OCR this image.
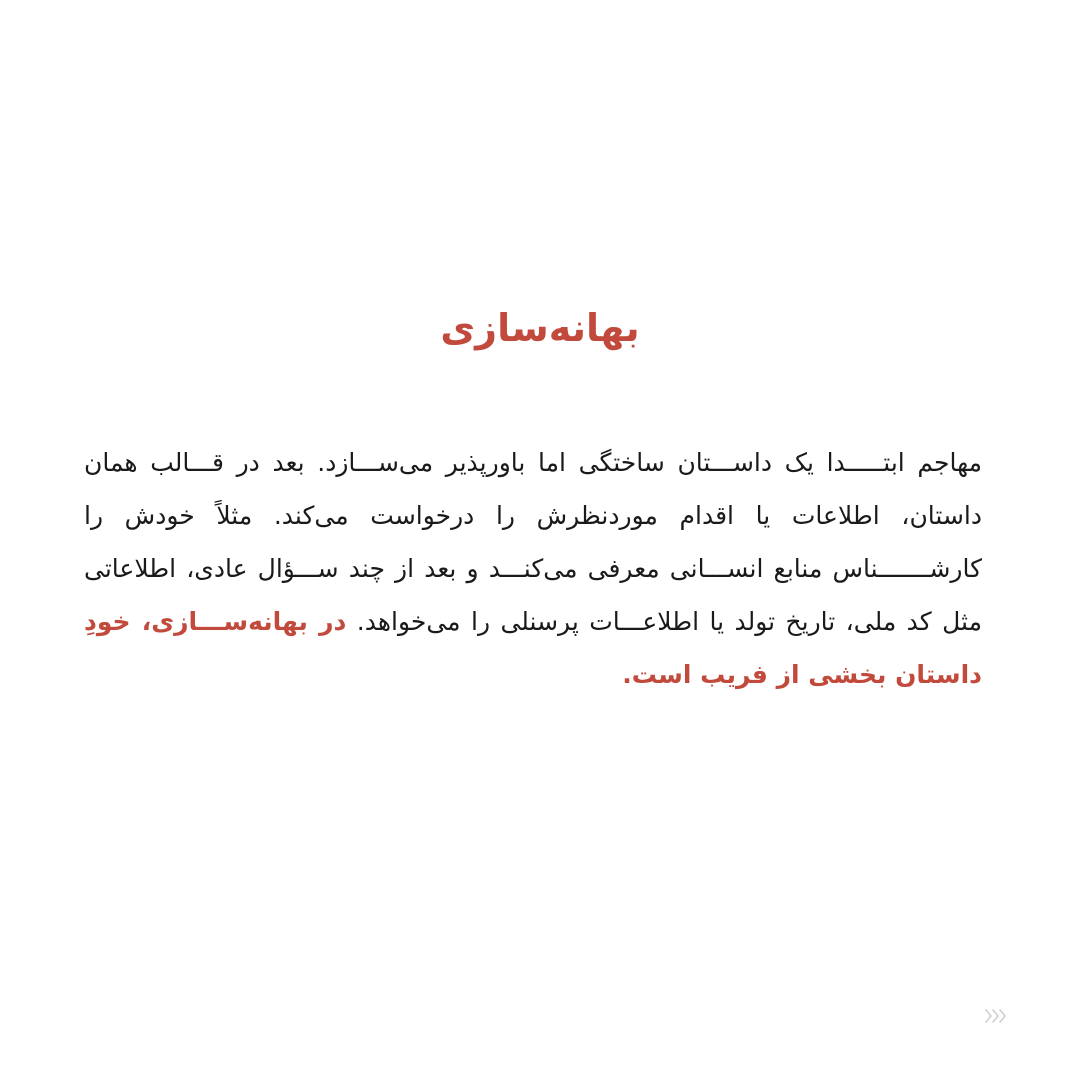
بهانه‌سازی

مهاجم ابتـــــدا یک داســـتان ساختگی اما باورپذیر می‌ســـازد. بعد در قـــالب همان داستان، اطلاعات یا اقدام موردنظرش را درخواست می‌کند. مثلاً خودش را کارشـــــــناس منابع انســـانی معرفی می‌کنـــد و بعد از چند ســـؤال عادی، اطلاعاتی مثل کد ملی، تاریخ تولد یا اطلاعـــات پرسنلی را می‌خواهد. در بهانه‌ســـازی، خودِ داستان بخشی از فریب است.
